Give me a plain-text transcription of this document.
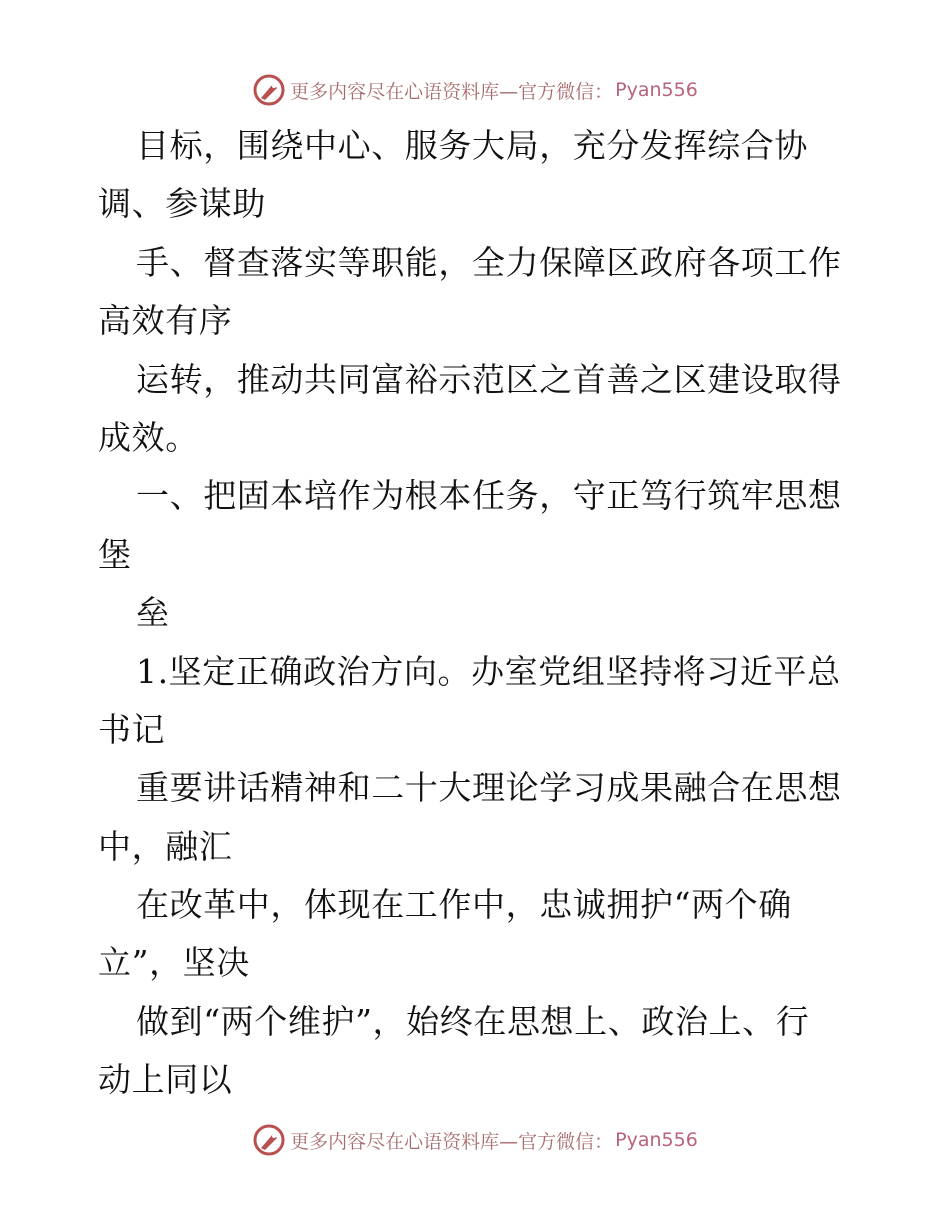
更多内容尽在心语资料库—官方微信： Pyan556
目标，围绕中心、服务大局，充分发挥综合协
调、参谋助
手、督查落实等职能，全力保障区政府各项工作
高效有序
运转，推动共同富裕示范区之首善之区建设取得
成效。
一、把固本培作为根本任务，守正笃行筑牢思想
堡
垒
1.坚定正确政治方向。办室党组坚持将习近平总
书记
重要讲话精神和二十大理论学习成果融合在思想
中，融汇
在改革中，体现在工作中，忠诚拥护“两个确
立”，坚决
做到“两个维护”，始终在思想上、政治上、行
动上同以
更多内容尽在心语资料库—官方微信： Pyan556
